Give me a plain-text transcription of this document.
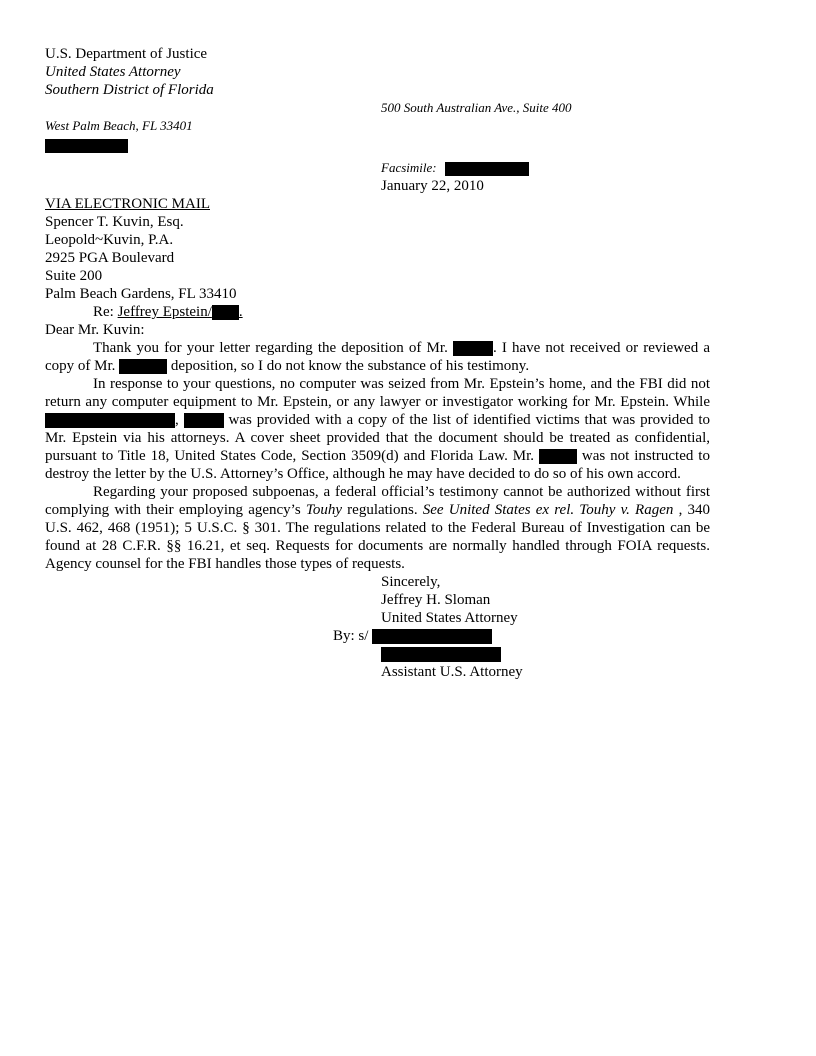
U.S. Department of Justice
United States Attorney
Southern District of Florida
500 South Australian Ave., Suite 400
West Palm Beach, FL 33401
Facsimile:
January 22, 2010
VIA ELECTRONIC MAIL
Spencer T. Kuvin, Esq.
Leopold~Kuvin, P.A.
2925 PGA Boulevard
Suite 200
Palm Beach Gardens, FL 33410
Re: Jeffrey Epstein/ .
Dear Mr. Kuvin:

Thank you for your letter regarding the deposition of Mr.	. I have not received or reviewed a copy of Mr.	deposition, so I do not know the substance of his testimony.

In response to your questions, no computer was seized from Mr. Epstein’s home, and the FBI did not return any computer equipment to Mr. Epstein, or any lawyer or investigator working for Mr. Epstein. While ,	was provided with a copy of the list of identified victims that was provided to Mr. Epstein via his attorneys. A cover sheet provided that the document should be treated as confidential, pursuant to Title 18, United States Code, Section 3509(d) and Florida Law. Mr.	was not instructed to destroy the letter by the U.S. Attorney’s Office, although he may have decided to do so of his own accord.

Regarding your proposed subpoenas, a federal official’s testimony cannot be authorized without first complying with their employing agency’s Touhy regulations. See United States ex rel. Touhy v. Ragen , 340 U.S. 462, 468 (1951); 5 U.S.C. § 301. The regulations related to the Federal Bureau of Investigation can be found at 28 C.F.R. §§ 16.21, et seq. Requests for documents are normally handled through FOIA requests. Agency counsel for the FBI handles those types of requests.

Sincerely,
Jeffrey H. Sloman
United States Attorney
By: s/
Assistant U.S. Attorney
